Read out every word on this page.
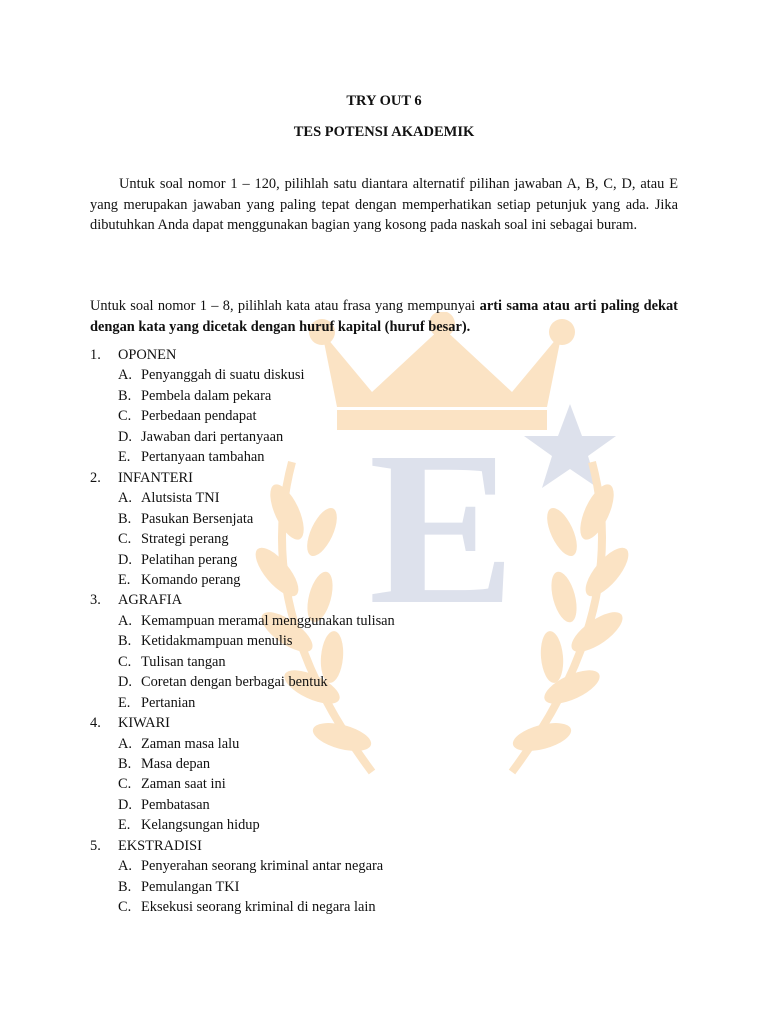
E
TRY OUT 6
TES POTENSI AKADEMIK

Untuk soal nomor 1 – 120, pilihlah satu diantara alternatif pilihan jawaban A, B, C, D, atau E yang merupakan jawaban yang paling tepat dengan memperhatikan setiap petunjuk yang ada. Jika dibutuhkan Anda dapat menggunakan bagian yang kosong pada naskah soal ini sebagai buram.

Untuk soal nomor 1 – 8, pilihlah kata atau frasa yang mempunyai arti sama atau arti paling dekat dengan kata yang dicetak dengan huruf kapital (huruf besar).

1.	OPONEN
A. Penyanggah di suatu diskusi
B. Pembela dalam pekara
C. Perbedaan pendapat
D. Jawaban dari pertanyaan
E. Pertanyaan tambahan
2.	INFANTERI
A. Alutsista TNI
B. Pasukan Bersenjata
C. Strategi perang
D. Pelatihan perang
E. Komando perang
3.	AGRAFIA
A. Kemampuan meramal menggunakan tulisan
B. Ketidakmampuan menulis
C. Tulisan tangan
D. Coretan dengan berbagai bentuk
E. Pertanian
4.	KIWARI
A. Zaman masa lalu
B. Masa depan
C. Zaman saat ini
D. Pembatasan
E. Kelangsungan hidup
5.	EKSTRADISI
A. Penyerahan seorang kriminal antar negara
B. Pemulangan TKI
C. Eksekusi seorang kriminal di negara lain
